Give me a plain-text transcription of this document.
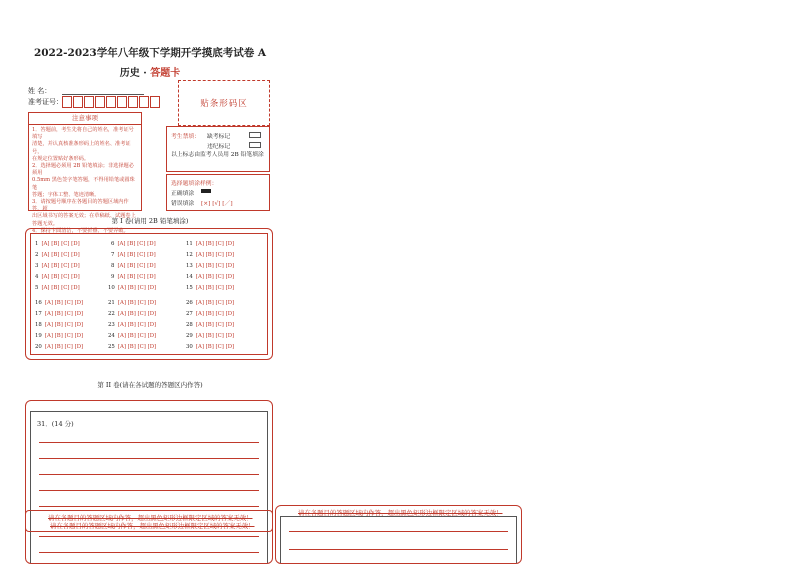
2022-2023学年八年级下学期开学摸底考试卷 A
历史 · 答题卡
姓 名：
准考证号：	贴条形码区
注意事项
1．答题前，考生先将自己的姓名，准考证号填写
清楚，并认真核准条形码上的姓名、准考证号，
在规定位置贴好条形码。
2．选择题必须用 2B 铅笔填涂；非选择题必须用
0.5mm 黑色签字笔答题，不得用铅笔或圆珠笔
答题；字体工整、笔迹清晰。
3．请按题号顺序在各题目的答题区域内作答，超
出区域书写的答案无效；在草稿纸、试题卷上
答题无效。
4．保持卡面清洁，不要折叠、不要弄破。
考生禁填： 缺考标记
违纪标记
以上标志由监考人员用 2B 铅笔填涂
选择题填涂样例：
正确填涂
错误填涂 [×] [√] [／]
第 I 卷(请用 2B 铅笔填涂)
1 [A] [B] [C] [D]
2 [A] [B] [C] [D]
3 [A] [B] [C] [D]
4 [A] [B] [C] [D]
5 [A] [B] [C] [D]
6 [A] [B] [C] [D]
7 [A] [B] [C] [D]
8 [A] [B] [C] [D]
9 [A] [B] [C] [D]
10 [A] [B] [C] [D]
11 [A] [B] [C] [D]
12 [A] [B] [C] [D]
13 [A] [B] [C] [D]
14 [A] [B] [C] [D]
15 [A] [B] [C] [D]
16 [A] [B] [C] [D]
17 [A] [B] [C] [D]
18 [A] [B] [C] [D]
19 [A] [B] [C] [D]
20 [A] [B] [C] [D]
21 [A] [B] [C] [D]
22 [A] [B] [C] [D]
23 [A] [B] [C] [D]
24 [A] [B] [C] [D]
25 [A] [B] [C] [D]
26 [A] [B] [C] [D]
27 [A] [B] [C] [D]
28 [A] [B] [C] [D]
29 [A] [B] [C] [D]
30 [A] [B] [C] [D]
第 II 卷(请在各试题的答题区内作答)
31．(14 分)
请在各题目的答题区域内作答，超出黑色矩形边框限定区域的答案无效！
请在各题目的答题区域内作答，超出黑色矩形边框限定区域的答案无效！
请在各题目的答题区域内作答，超出黑色矩形边框限定区域的答案无效！
